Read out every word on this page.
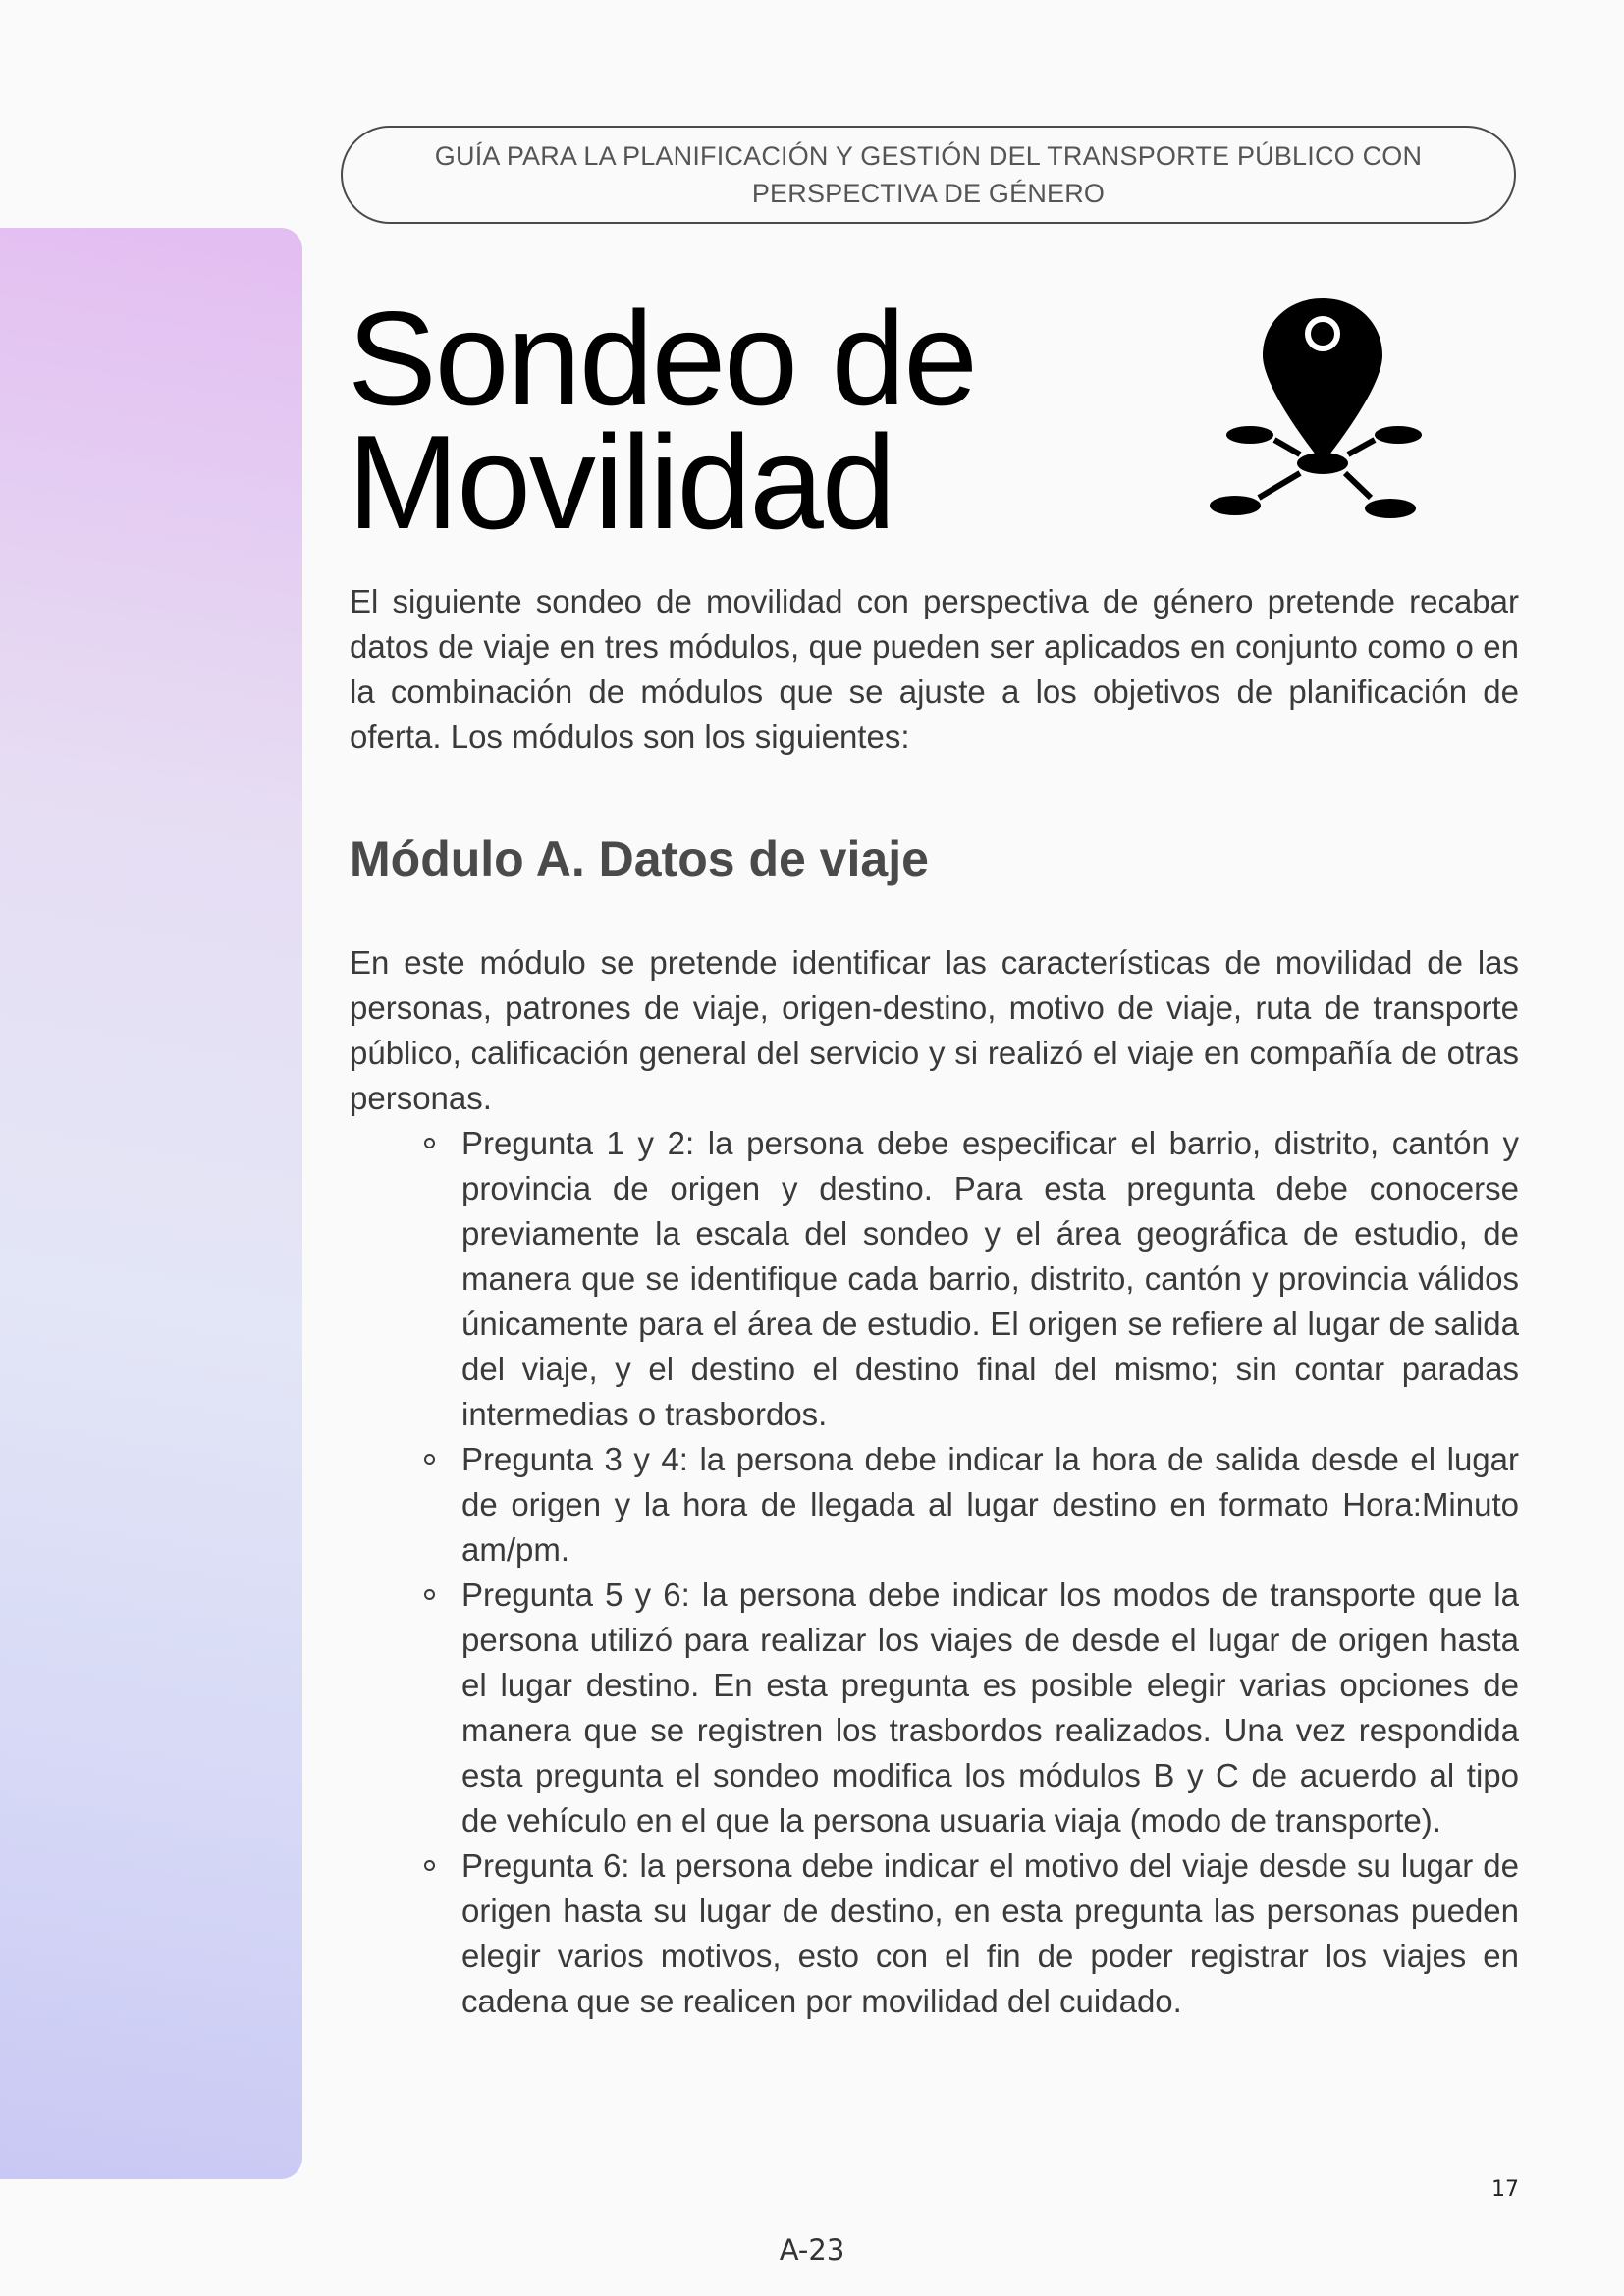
GUÍA PARA LA PLANIFICACIÓN Y GESTIÓN DEL TRANSPORTE PÚBLICO CON PERSPECTIVA DE GÉNERO
Sondeo de
Movilidad

El siguiente sondeo de movilidad con perspectiva de género pretende recabar datos de viaje en tres módulos, que pueden ser aplicados en conjunto como o en la combinación de módulos que se ajuste a los objetivos de planificación de oferta. Los módulos son los siguientes:

Módulo A. Datos de viaje

En este módulo se pretende identificar las características de movilidad de las personas, patrones de viaje, origen-destino, motivo de viaje, ruta de transporte público, calificación general del servicio y si realizó el viaje en compañía de otras personas.

Pregunta 1 y 2: la persona debe especificar el barrio, distrito, cantón y provincia de origen y destino. Para esta pregunta debe conocerse previamente la escala del sondeo y el área geográfica de estudio, de manera que se identifique cada barrio, distrito, cantón y provincia válidos únicamente para el área de estudio. El origen se refiere al lugar de salida del viaje, y el destino el destino final del mismo; sin contar paradas intermedias o trasbordos.
Pregunta 3 y 4: la persona debe indicar la hora de salida desde el lugar de origen y la hora de llegada al lugar destino en formato Hora:Minuto am/pm.
Pregunta 5 y 6: la persona debe indicar los modos de transporte que la persona utilizó para realizar los viajes de desde el lugar de origen hasta el lugar destino. En esta pregunta es posible elegir varias opciones de manera que se registren los trasbordos realizados. Una vez respondida esta pregunta el sondeo modifica los módulos B y C de acuerdo al tipo de vehículo en el que la persona usuaria viaja (modo de transporte).
Pregunta 6: la persona debe indicar el motivo del viaje desde su lugar de origen hasta su lugar de destino, en esta pregunta las personas pueden elegir varios motivos, esto con el fin de poder registrar los viajes en cadena que se realicen por movilidad del cuidado.
17
A-23
